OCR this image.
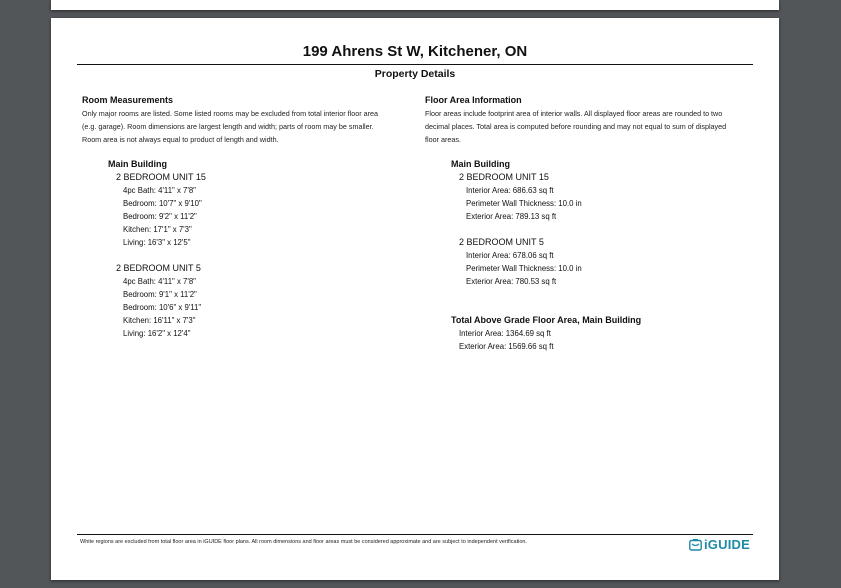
199 Ahrens St W, Kitchener, ON
Property Details
Room Measurements
Only major rooms are listed. Some listed rooms may be excluded from total interior floor area
(e.g. garage). Room dimensions are largest length and width; parts of room may be smaller.
Room area is not always equal to product of length and width.
Main Building
2 BEDROOM UNIT 15
4pc Bath: 4'11" x 7'8"
Bedroom: 10'7" x 9'10"
Bedroom: 9'2" x 11'2"
Kitchen: 17'1" x 7'3"
Living: 16'3" x 12'5"
2 BEDROOM UNIT 5
4pc Bath: 4'11" x 7'8"
Bedroom: 9'1" x 11'2"
Bedroom: 10'6" x 9'11"
Kitchen: 16'11" x 7'3"
Living: 16'2" x 12'4"
Floor Area Information
Floor areas include footprint area of interior walls. All displayed floor areas are rounded to two
decimal places. Total area is computed before rounding and may not equal to sum of displayed
floor areas.
Main Building
2 BEDROOM UNIT 15
Interior Area: 686.63 sq ft
Perimeter Wall Thickness: 10.0 in
Exterior Area: 789.13 sq ft
2 BEDROOM UNIT 5
Interior Area: 678.06 sq ft
Perimeter Wall Thickness: 10.0 in
Exterior Area: 780.53 sq ft
Total Above Grade Floor Area, Main Building
Interior Area: 1364.69 sq ft
Exterior Area: 1569.66 sq ft
White regions are excluded from total floor area in iGUIDE floor plans. All room dimensions and floor areas must be considered approximate and are subject to independent verification.	iGUIDE
